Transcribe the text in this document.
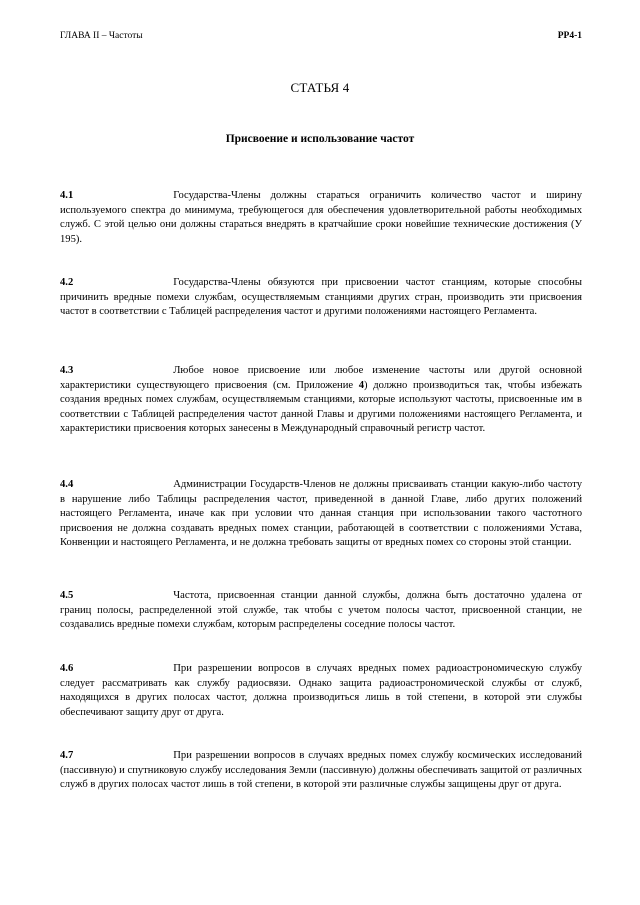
ГЛАВА II – Частоты	РР4-1
СТАТЬЯ 4
Присвоение и использование частот
4.1	Государства-Члены должны стараться ограничить количество частот и ширину используемого спектра до минимума, требующегося для обеспечения удовлетворительной работы необходимых служб. С этой целью они должны стараться внедрять в кратчайшие сроки новейшие технические достижения (У 195).
4.2	Государства-Члены обязуются при присвоении частот станциям, которые способны причинить вредные помехи службам, осуществляемым станциями других стран, производить эти присвоения частот в соответствии с Таблицей распределения частот и другими положениями настоящего Регламента.
4.3	Любое новое присвоение или любое изменение частоты или другой основной характеристики существующего присвоения (см. Приложение 4) должно производиться так, чтобы избежать создания вредных помех службам, осуществляемым станциями, которые используют частоты, присвоенные им в соответствии с Таблицей распределения частот данной Главы и другими положениями настоящего Регламента, и характеристики присвоения которых занесены в Международный справочный регистр частот.
4.4	Администрации Государств-Членов не должны присваивать станции какую-либо частоту в нарушение либо Таблицы распределения частот, приведенной в данной Главе, либо других положений настоящего Регламента, иначе как при условии что данная станция при использовании такого частотного присвоения не должна создавать вредных помех станции, работающей в соответствии с положениями Устава, Конвенции и настоящего Регламента, и не должна требовать защиты от вредных помех со стороны этой станции.
4.5	Частота, присвоенная станции данной службы, должна быть достаточно удалена от границ полосы, распределенной этой службе, так чтобы с учетом полосы частот, присвоенной станции, не создавались вредные помехи службам, которым распределены соседние полосы частот.
4.6	При разрешении вопросов в случаях вредных помех радиоастрономическую службу следует рассматривать как службу радиосвязи. Однако защита радиоастрономической службы от служб, находящихся в других полосах частот, должна производиться лишь в той степени, в которой эти службы обеспечивают защиту друг от друга.
4.7	При разрешении вопросов в случаях вредных помех службу космических исследований (пассивную) и спутниковую службу исследования Земли (пассивную) должны обеспечивать защитой от различных служб в других полосах частот лишь в той степени, в которой эти различные службы защищены друг от друга.
